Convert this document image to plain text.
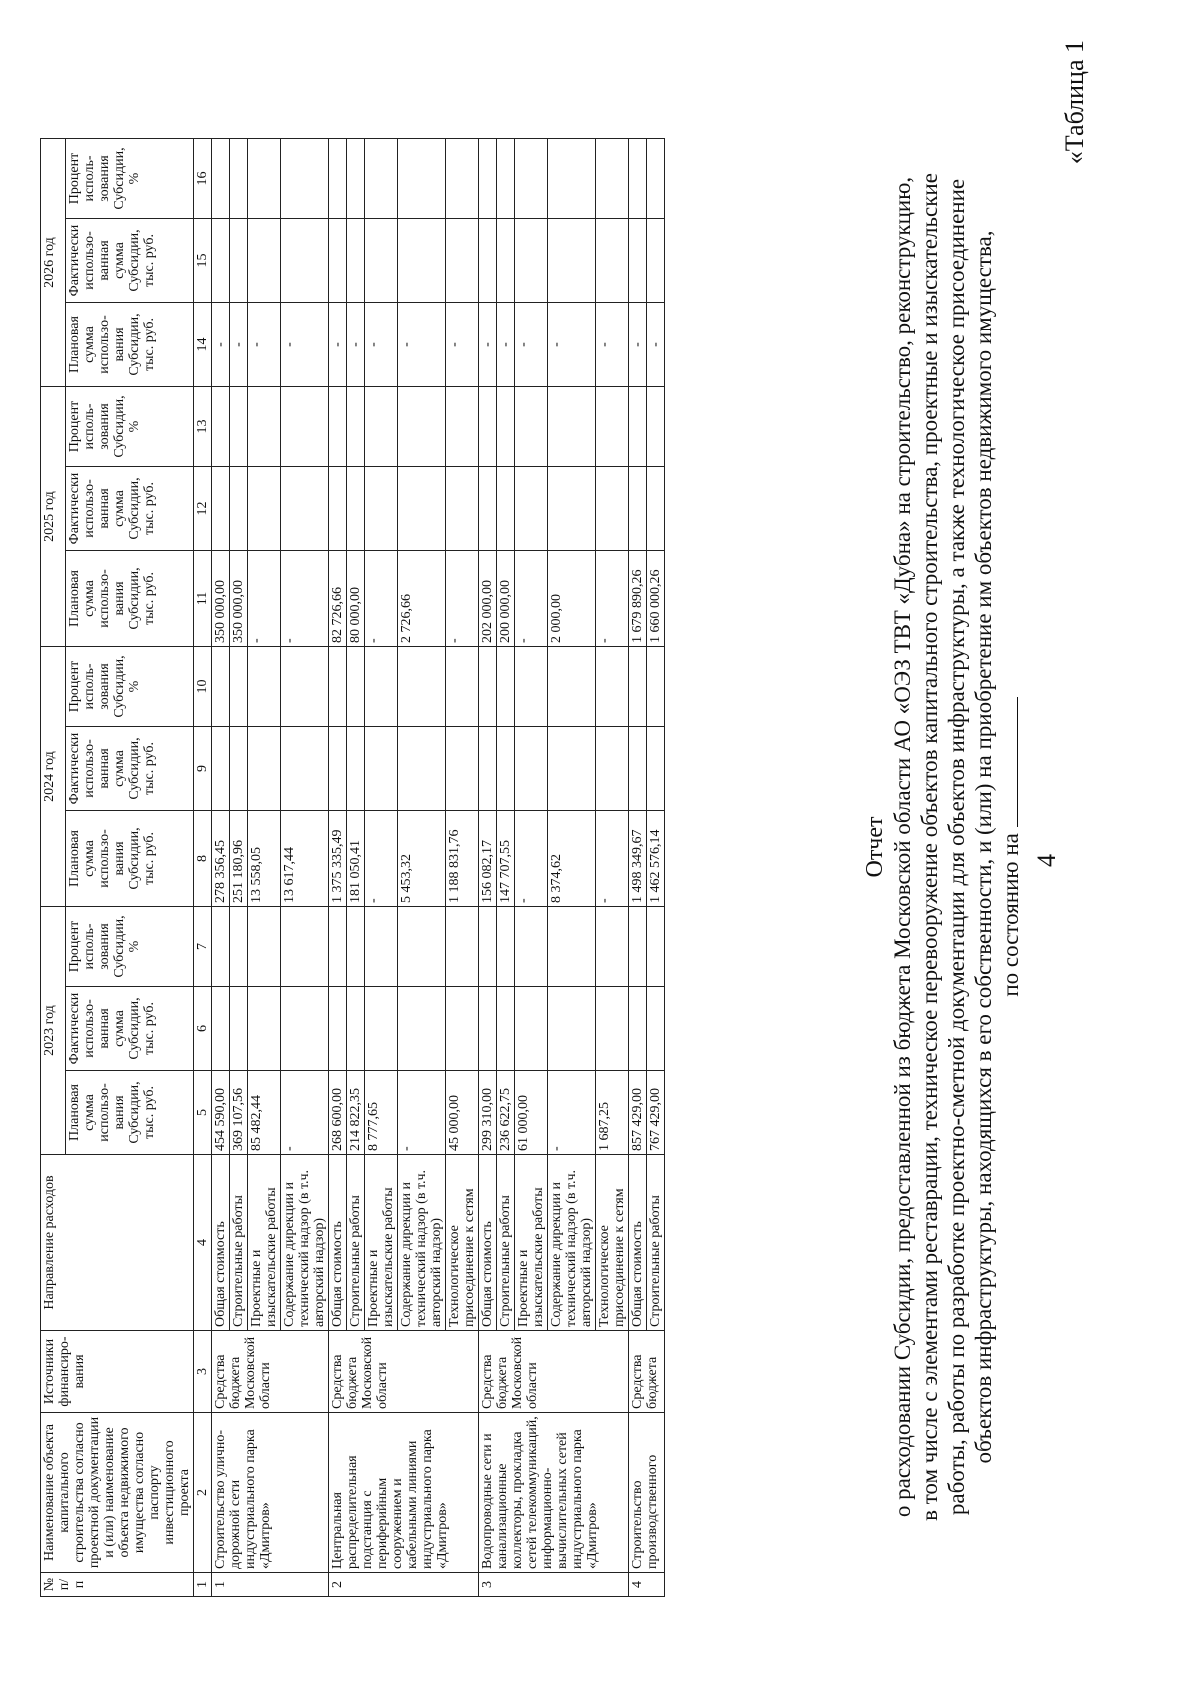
4
«Таблица 1
Отчет о расходовании Субсидии, предоставленной из бюджета Московской области АО «ОЭЗ ТВТ «Дубна» на строительство, реконструкцию, в том числе с элементами реставрации, техническое перевооружение объектов капитального строительства, проектные и изыскательские работы, работы по разработке проектно-сметной документации для объектов инфраструктуры, а также технологическое присоединение объектов инфраструктуры, находящихся в его собственности, и (или) на приобретение им объектов недвижимого имущества, по состоянию на
№ п/п	Наименование объекта капитального строительства согласно проектной документации и (или) наименование объекта недвижимого имущества согласно паспорту инвестиционного проекта	Источники финансиро-вания	Направление расходов	2023 год			2024 год			2025 год			2026 год		
				Плановая сумма использо-вания Субсидии, тыс. руб.	Фактически использо-ванная сумма Субсидии, тыс. руб.	Процент исполь-зования Субсидии, %	Плановая сумма использо-вания Субсидии, тыс. руб.	Фактически использо-ванная сумма Субсидии, тыс. руб.	Процент исполь-зования Субсидии, %	Плановая сумма использо-вания Субсидии, тыс. руб.	Фактически использо-ванная сумма Субсидии, тыс. руб.	Процент исполь-зования Субсидии, %	Плановая сумма использо-вания Субсидии, тыс. руб.	Фактически использо-ванная сумма Субсидии, тыс. руб.	Процент исполь-зования Субсидии, %
1	2	3	4	5	6	7	8	9	10	11	12	13	14	15	16
1	Строительство улично-дорожной сети индустриального парка «Дмитров»	Средства бюджета Московской области	Общая стоимость	454 590,00			278 356,45			350 000,00			-		
			Строительные работы	369 107,56			251 180,96			350 000,00			-		
			Проектные и изыскательские работы	85 482,44			13 558,05			-			-		
			Содержание дирекции и технический надзор (в т.ч. авторский надзор)	-			13 617,44			-			-		
2	Центральная распределительная подстанция с периферийным сооружением и кабельными линиями индустриального парка «Дмитров»	Средства бюджета Московской области	Общая стоимость	268 600,00			1 375 335,49			82 726,66			-		
			Строительные работы	214 822,35			181 050,41			80 000,00			-		
			Проектные и изыскательские работы	8 777,65			-			-			-		
			Содержание дирекции и технический надзор (в т.ч. авторский надзор)	-			5 453,32			2 726,66			-		
			Технологическое присоединение к сетям	45 000,00			1 188 831,76			-			-		
3	Водопроводные сети и канализационные коллекторы, прокладка сетей телекоммуникаций, информационно-вычислительных сетей индустриального парка «Дмитров»	Средства бюджета Московской области	Общая стоимость	299 310,00			156 082,17			202 000,00			-		
			Строительные работы	236 622,75			147 707,55			200 000,00			-		
			Проектные и изыскательские работы	61 000,00			-			-			-		
			Содержание дирекции и технический надзор (в т.ч. авторский надзор)	-			8 374,62			2 000,00			-		
			Технологическое присоединение к сетям	1 687,25			-			-			-		
4	Строительство производственного	Средства бюджета	Общая стоимость	857 429,00			1 498 349,67			1 679 890,26			-		
			Строительные работы	767 429,00			1 462 576,14			1 660 000,26			-		
